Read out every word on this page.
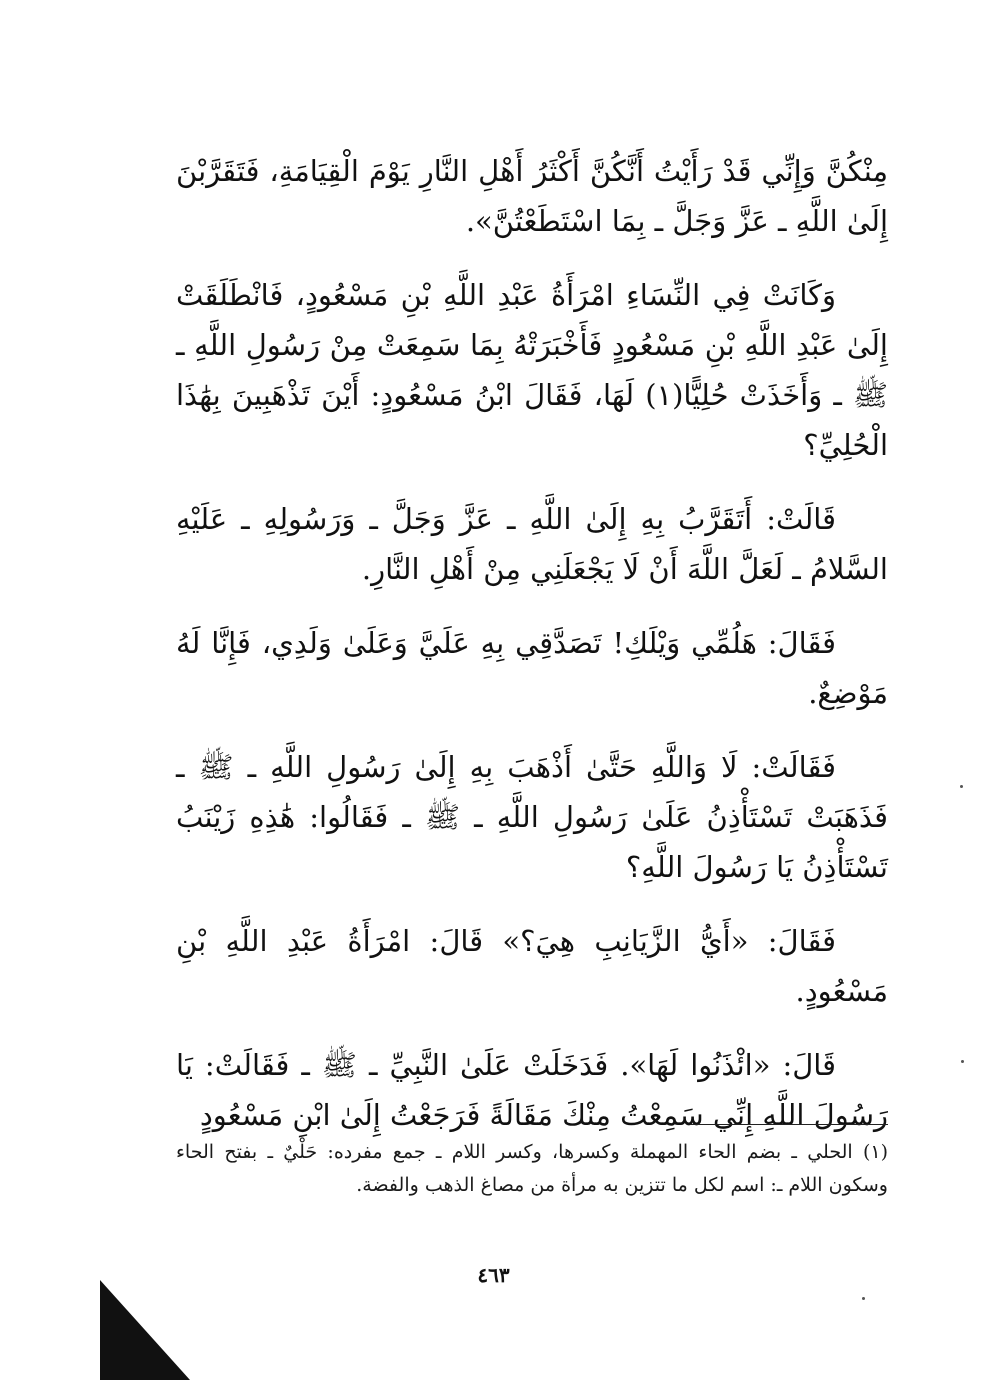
مِنْكُنَّ وَإِنِّي قَدْ رَأَيْتُ أَنَّكُنَّ أَكْثَرُ أَهْلِ النَّارِ يَوْمَ الْقِيَامَةِ، فَتَقَرَّبْنَ إِلَىٰ اللَّهِ ـ عَزَّ وَجَلَّ ـ بِمَا اسْتَطَعْتُنَّ».

وَكَانَتْ فِي النِّسَاءِ امْرَأَةُ عَبْدِ اللَّهِ بْنِ مَسْعُودٍ، فَانْطَلَقَتْ إِلَىٰ عَبْدِ اللَّهِ بْنِ مَسْعُودٍ فَأَخْبَرَتْهُ بِمَا سَمِعَتْ مِنْ رَسُولِ اللَّهِ ـ ﷺ ـ وَأَخَذَتْ حُلِيًّا(١) لَهَا، فَقَالَ ابْنُ مَسْعُودٍ: أَيْنَ تَذْهَبِينَ بِهَٰذَا الْحُلِيِّ؟

قَالَتْ: أَتَقَرَّبُ بِهِ إِلَىٰ اللَّهِ ـ عَزَّ وَجَلَّ ـ وَرَسُولِهِ ـ عَلَيْهِ السَّلامُ ـ لَعَلَّ اللَّهَ أَنْ لَا يَجْعَلَنِي مِنْ أَهْلِ النَّارِ.

فَقَالَ: هَلُمِّي وَيْلَكِ! تَصَدَّقِي بِهِ عَلَيَّ وَعَلَىٰ وَلَدِي، فَإِنَّا لَهُ مَوْضِعٌ.

فَقَالَتْ: لَا وَاللَّهِ حَتَّىٰ أَذْهَبَ بِهِ إِلَىٰ رَسُولِ اللَّهِ ـ ﷺ ـ فَذَهَبَتْ تَسْتَأْذِنُ عَلَىٰ رَسُولِ اللَّهِ ـ ﷺ ـ فَقَالُوا: هَٰذِهِ زَيْنَبُ تَسْتَأْذِنُ يَا رَسُولَ اللَّهِ؟

فَقَالَ: «أَيُّ الزَّيَانِبِ هِيَ؟» قَالَ: امْرَأَةُ عَبْدِ اللَّهِ بْنِ مَسْعُودٍ.

قَالَ: «ائْذَنُوا لَهَا». فَدَخَلَتْ عَلَىٰ النَّبِيِّ ـ ﷺ ـ فَقَالَتْ: يَا رَسُولَ اللَّهِ إِنِّي سَمِعْتُ مِنْكَ مَقَالَةً فَرَجَعْتُ إِلَىٰ ابْنِ مَسْعُودٍ

(١) الحلي ـ بضم الحاء المهملة وكسرها، وكسر اللام ـ جمع مفرده: حَلْيٌ ـ بفتح الحاء وسكون اللام ـ: اسم لكل ما تتزين به مرأة من مصاغ الذهب والفضة.
٤٦٣
